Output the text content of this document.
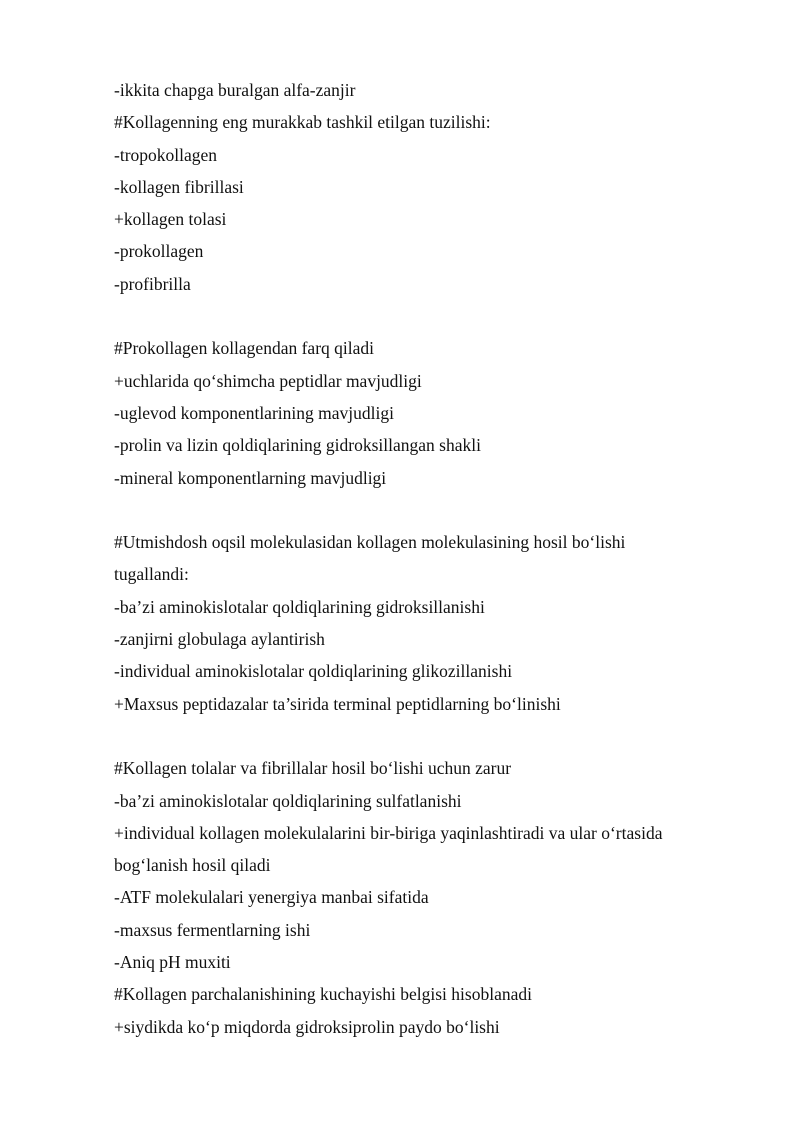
-ikkita chapga buralgan alfa-zanjir
#Kollagenning eng murakkab tashkil etilgan tuzilishi:
-tropokollagen
-kollagen fibrillasi
+kollagen tolasi
-prokollagen
-profibrilla
#Prokollagen kollagendan farq qiladi
+uchlarida qo‘shimcha peptidlar mavjudligi
-uglevod komponentlarining mavjudligi
-prolin va lizin qoldiqlarining gidroksillangan shakli
-mineral komponentlarning mavjudligi
#Utmishdosh oqsil molekulasidan kollagen molekulasining hosil bo‘lishi
tugallandi:
-ba’zi aminokislotalar qoldiqlarining gidroksillanishi
-zanjirni globulaga aylantirish
-individual aminokislotalar qoldiqlarining glikozillanishi
+Maxsus peptidazalar ta’sirida terminal peptidlarning bo‘linishi
#Kollagen tolalar va fibrillalar hosil bo‘lishi uchun zarur
-ba’zi aminokislotalar qoldiqlarining sulfatlanishi
+individual kollagen molekulalarini bir-biriga yaqinlashtiradi va ular o‘rtasida
bog‘lanish hosil qiladi
-ATF molekulalari yenergiya manbai sifatida
-maxsus fermentlarning ishi
-Aniq pH muxiti
#Kollagen parchalanishining kuchayishi belgisi hisoblanadi
+siydikda ko‘p miqdorda gidroksiprolin paydo bo‘lishi
